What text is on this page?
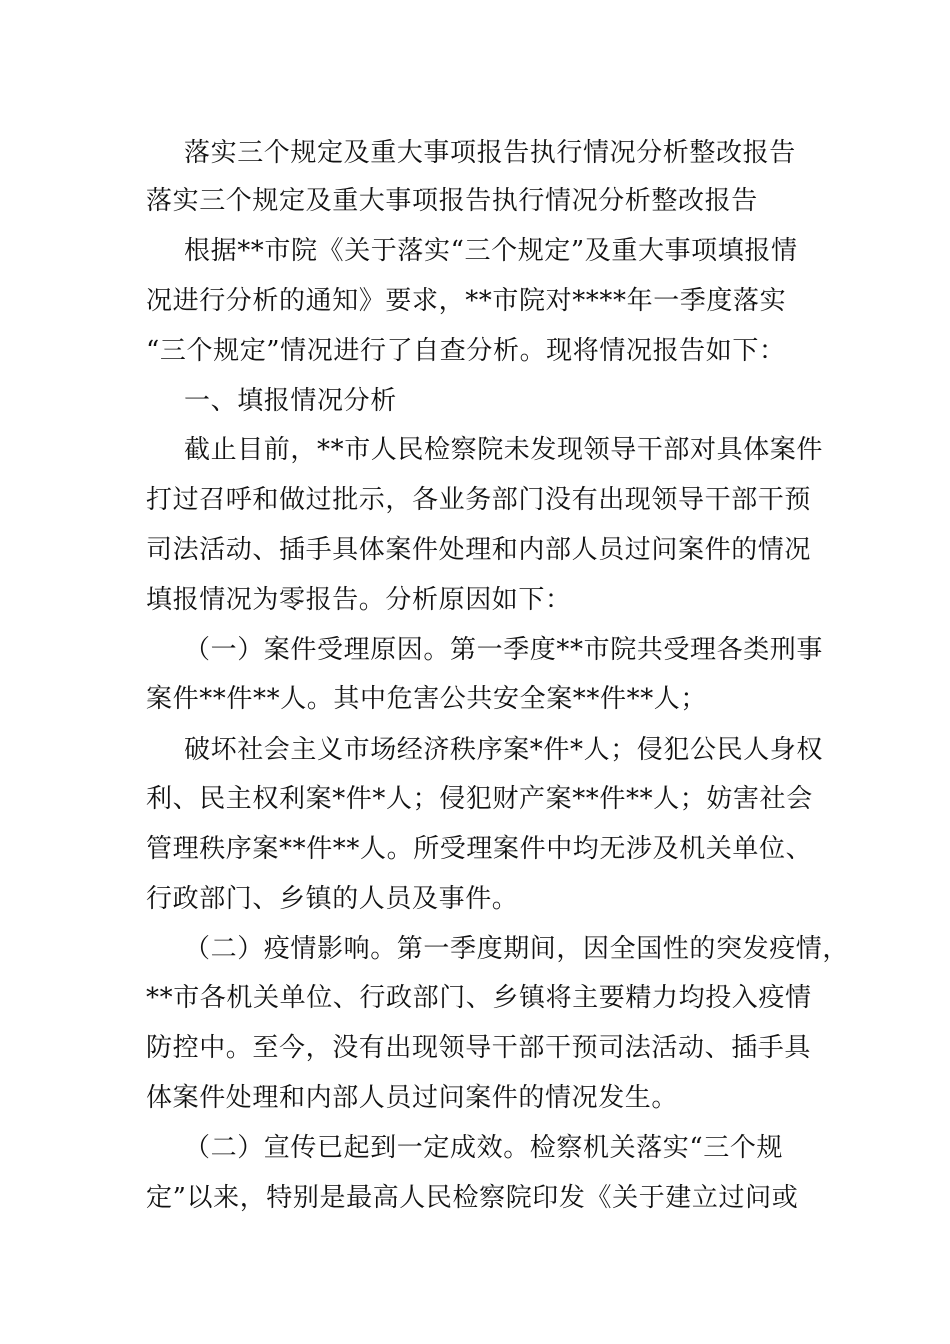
落实三个规定及重大事项报告执行情况分析整改报告
落实三个规定及重大事项报告执行情况分析整改报告
根据**市院《关于落实“三个规定”及重大事项填报情
况进行分析的通知》要求，**市院对****年一季度落实
“三个规定”情况进行了自查分析。现将情况报告如下：
一、填报情况分析
截止目前，**市人民检察院未发现领导干部对具体案件
打过召呼和做过批示，各业务部门没有出现领导干部干预
司法活动、插手具体案件处理和内部人员过问案件的情况
填报情况为零报告。分析原因如下：
（一）案件受理原因。第一季度**市院共受理各类刑事
案件**件**人。其中危害公共安全案**件**人；
破坏社会主义市场经济秩序案*件*人；侵犯公民人身权
利、民主权利案*件*人；侵犯财产案**件**人；妨害社会
管理秩序案**件**人。所受理案件中均无涉及机关单位、
行政部门、乡镇的人员及事件。
（二）疫情影响。第一季度期间，因全国性的突发疫情，
**市各机关单位、行政部门、乡镇将主要精力均投入疫情
防控中。至今，没有出现领导干部干预司法活动、插手具
体案件处理和内部人员过问案件的情况发生。
（二）宣传已起到一定成效。检察机关落实“三个规
定”以来，特别是最高人民检察院印发《关于建立过问或
